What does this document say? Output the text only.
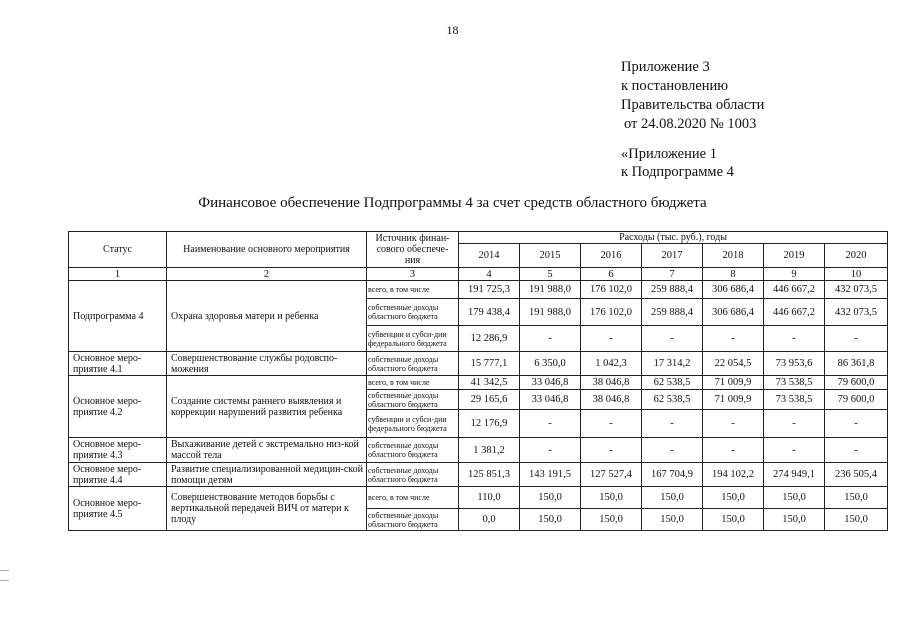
18
Приложение 3
к постановлению
Правительства области
от 24.08.2020 № 1003
«Приложение 1
к Подпрограмме 4
Финансовое обеспечение Подпрограммы 4 за счет средств областного бюджета
Статус	Наименование основного мероприятия	Источник финан-сового обеспече-ния	Расходы (тыс. руб.), годы						
			2014	2015	2016	2017	2018	2019	2020
1	2	3	4	5	6	7	8	9	10
Подпрограмма 4	Охрана здоровья матери и ребенка	всего, в том числе	191 725,3	191 988,0	176 102,0	259 888,4	306 686,4	446 667,2	432 073,5
		собственные доходы областного бюджета	179 438,4	191 988,0	176 102,0	259 888,4	306 686,4	446 667,2	432 073,5
		субвенции и субси-дии федерального бюджета	12 286,9	-	-	-	-	-	-
Основное меро-приятие 4.1	Совершенствование службы родовспо-можения	собственные доходы областного бюджета	15 777,1	6 350,0	1 042,3	17 314,2	22 054,5	73 953,6	86 361,8
Основное меро-приятие 4.2	Создание системы раннего выявления и коррекции нарушений развития ребенка	всего, в том числе	41 342,5	33 046,8	38 046,8	62 538,5	71 009,9	73 538,5	79 600,0
		собственные доходы областного бюджета	29 165,6	33 046,8	38 046,8	62 538,5	71 009,9	73 538,5	79 600,0
		субвенции и субси-дии федерального бюджета	12 176,9	-	-	-	-	-	-
Основное меро-приятие 4.3	Выхаживание детей с экстремально низ-кой массой тела	собственные доходы областного бюджета	1 381,2	-	-	-	-	-	-
Основное меро-приятие 4.4	Развитие специализированной медицин-ской помощи детям	собственные доходы областного бюджета	125 851,3	143 191,5	127 527,4	167 704,9	194 102,2	274 949,1	236 505,4
Основное меро-приятие 4.5	Совершенствование методов борьбы с вертикальной передачей ВИЧ от матери к плоду	всего, в том числе	110,0	150,0	150,0	150,0	150,0	150,0	150,0
		собственные доходы областного бюджета	0,0	150,0	150,0	150,0	150,0	150,0	150,0
—
—
